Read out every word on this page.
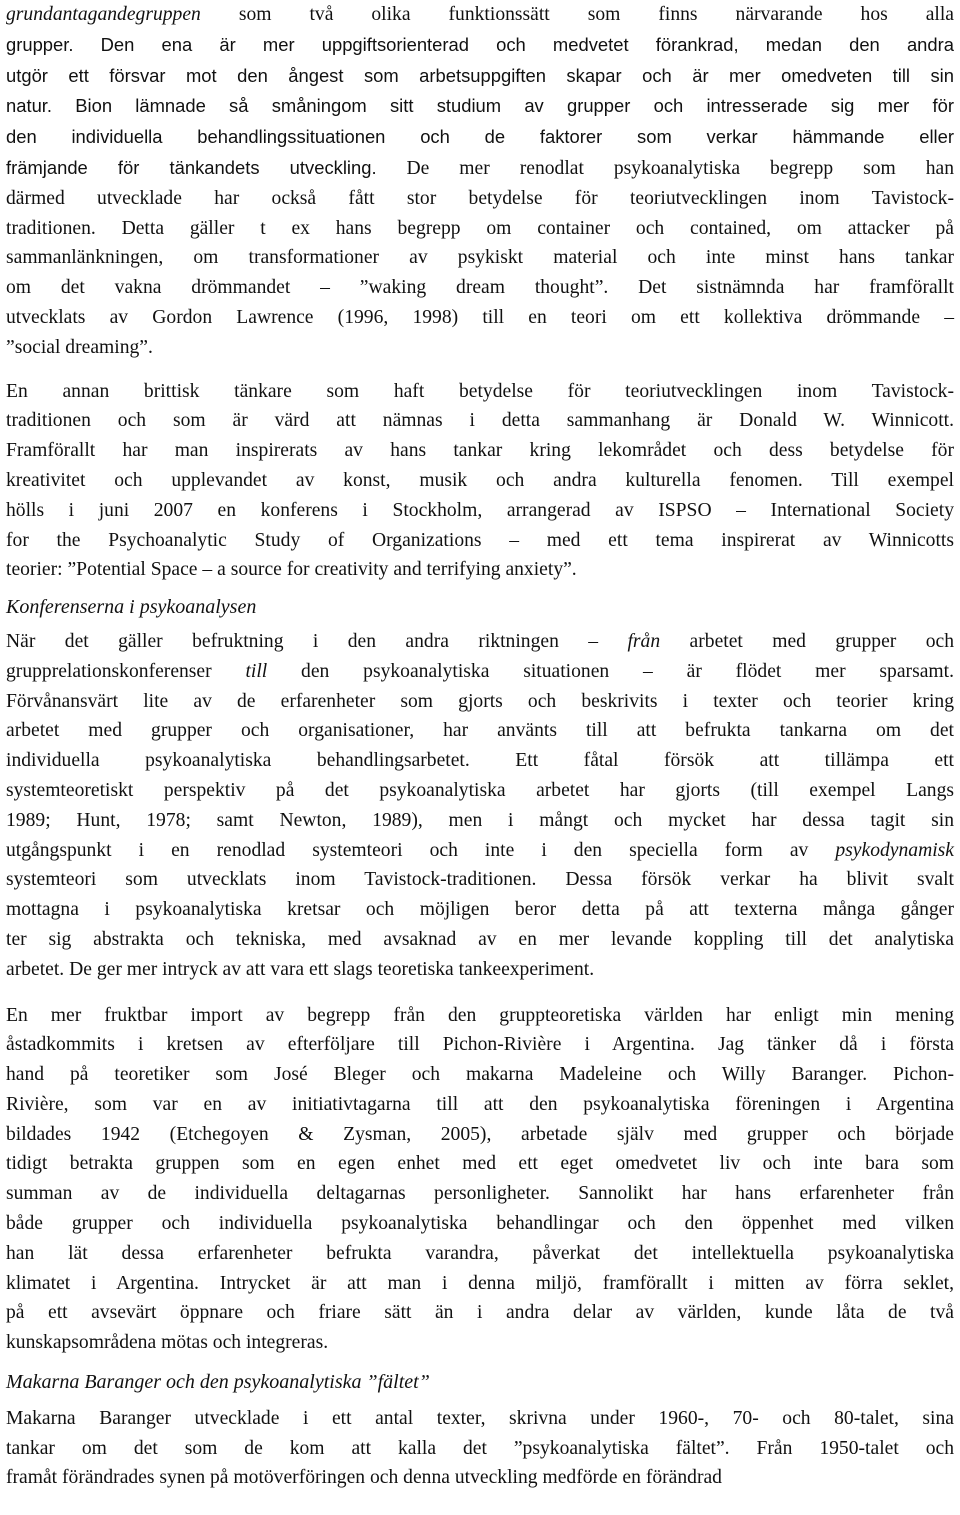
grundantagandegruppen som två olika funktionssätt som finns närvarande hos alla
grupper. Den ena är mer uppgiftsorienterad och medvetet förankrad, medan den andra
utgör ett försvar mot den ångest som arbetsuppgiften skapar och är mer omedveten till sin
natur. Bion lämnade så småningom sitt studium av grupper och intresserade sig mer för
den individuella behandlingssituationen och de faktorer som verkar hämmande eller
främjande för tänkandets utveckling. De mer renodlat psykoanalytiska begrepp som han
därmed utvecklade har också fått stor betydelse för teoriutvecklingen inom Tavistock-
traditionen. Detta gäller t ex hans begrepp om container och contained, om attacker på
sammanlänkningen, om transformationer av psykiskt material och inte minst hans tankar
om det vakna drömmandet – ”waking dream thought”. Det sistnämnda har framförallt
utvecklats av Gordon Lawrence (1996, 1998) till en teori om ett kollektiva drömmande –
”social dreaming”.
En annan brittisk tänkare som haft betydelse för teoriutvecklingen inom Tavistock-
traditionen och som är värd att nämnas i detta sammanhang är Donald W. Winnicott.
Framförallt har man inspirerats av hans tankar kring lekområdet och dess betydelse för
kreativitet och upplevandet av konst, musik och andra kulturella fenomen. Till exempel
hölls i juni 2007 en konferens i Stockholm, arrangerad av ISPSO – International Society
for the Psychoanalytic Study of Organizations – med ett tema inspirerat av Winnicotts
teorier: ”Potential Space – a source for creativity and terrifying anxiety”.

Konferenserna i psykoanalysen

När det gäller befruktning i den andra riktningen – från arbetet med grupper och
grupprelationskonferenser till den psykoanalytiska situationen – är flödet mer sparsamt.
Förvånansvärt lite av de erfarenheter som gjorts och beskrivits i texter och teorier kring
arbetet med grupper och organisationer, har använts till att befrukta tankarna om det
individuella psykoanalytiska behandlingsarbetet. Ett fåtal försök att tillämpa ett
systemteoretiskt perspektiv på det psykoanalytiska arbetet har gjorts (till exempel Langs
1989; Hunt, 1978; samt Newton, 1989), men i mångt och mycket har dessa tagit sin
utgångspunkt i en renodlad systemteori och inte i den speciella form av psykodynamisk
systemteori som utvecklats inom Tavistock-traditionen. Dessa försök verkar ha blivit svalt
mottagna i psykoanalytiska kretsar och möjligen beror detta på att texterna många gånger
ter sig abstrakta och tekniska, med avsaknad av en mer levande koppling till det analytiska
arbetet. De ger mer intryck av att vara ett slags teoretiska tankeexperiment.
En mer fruktbar import av begrepp från den gruppteoretiska världen har enligt min mening
åstadkommits i kretsen av efterföljare till Pichon-Rivière i Argentina. Jag tänker då i första
hand på teoretiker som José Bleger och makarna Madeleine och Willy Baranger. Pichon-
Rivière, som var en av initiativtagarna till att den psykoanalytiska föreningen i Argentina
bildades 1942 (Etchegoyen & Zysman, 2005), arbetade själv med grupper och började
tidigt betrakta gruppen som en egen enhet med ett eget omedvetet liv och inte bara som
summan av de individuella deltagarnas personligheter. Sannolikt har hans erfarenheter från
både grupper och individuella psykoanalytiska behandlingar och den öppenhet med vilken
han lät dessa erfarenheter befrukta varandra, påverkat det intellektuella psykoanalytiska
klimatet i Argentina. Intrycket är att man i denna miljö, framförallt i mitten av förra seklet,
på ett avsevärt öppnare och friare sätt än i andra delar av världen, kunde låta de två
kunskapsområdena mötas och integreras.

Makarna Baranger och den psykoanalytiska ”fältet”

Makarna Baranger utvecklade i ett antal texter, skrivna under 1960-, 70- och 80-talet, sina
tankar om det som de kom att kalla det ”psykoanalytiska fältet”. Från 1950-talet och
framåt förändrades synen på motöverföringen och denna utveckling medförde en förändrad
